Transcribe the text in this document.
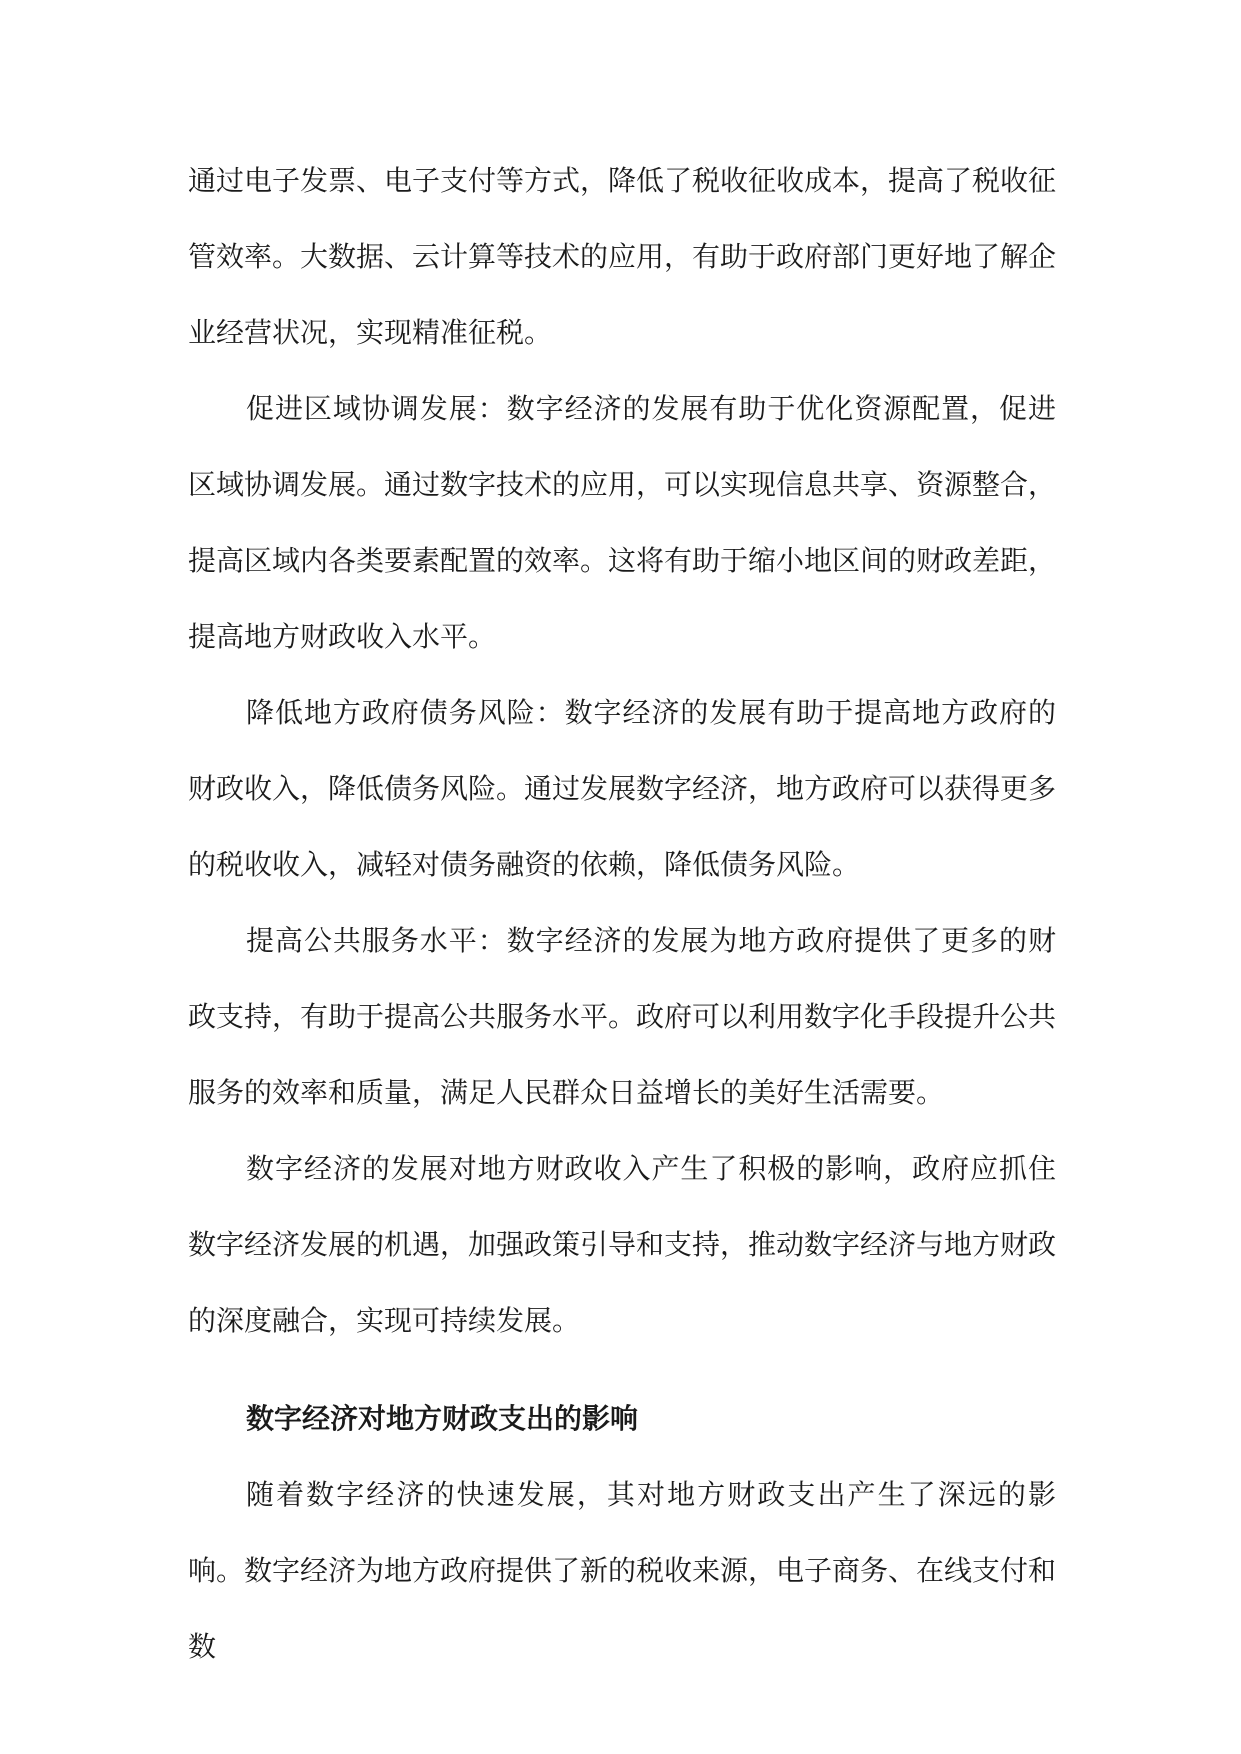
通过电子发票、电子支付等方式，降低了税收征收成本，提高了税收征管效率。大数据、云计算等技术的应用，有助于政府部门更好地了解企业经营状况，实现精准征税。

促进区域协调发展：数字经济的发展有助于优化资源配置，促进区域协调发展。通过数字技术的应用，可以实现信息共享、资源整合，提高区域内各类要素配置的效率。这将有助于缩小地区间的财政差距，提高地方财政收入水平。

降低地方政府债务风险：数字经济的发展有助于提高地方政府的财政收入，降低债务风险。通过发展数字经济，地方政府可以获得更多的税收收入，减轻对债务融资的依赖，降低债务风险。

提高公共服务水平：数字经济的发展为地方政府提供了更多的财政支持，有助于提高公共服务水平。政府可以利用数字化手段提升公共服务的效率和质量，满足人民群众日益增长的美好生活需要。

数字经济的发展对地方财政收入产生了积极的影响，政府应抓住数字经济发展的机遇，加强政策引导和支持，推动数字经济与地方财政的深度融合，实现可持续发展。

数字经济对地方财政支出的影响

随着数字经济的快速发展，其对地方财政支出产生了深远的影响。数字经济为地方政府提供了新的税收来源，电子商务、在线支付和数
